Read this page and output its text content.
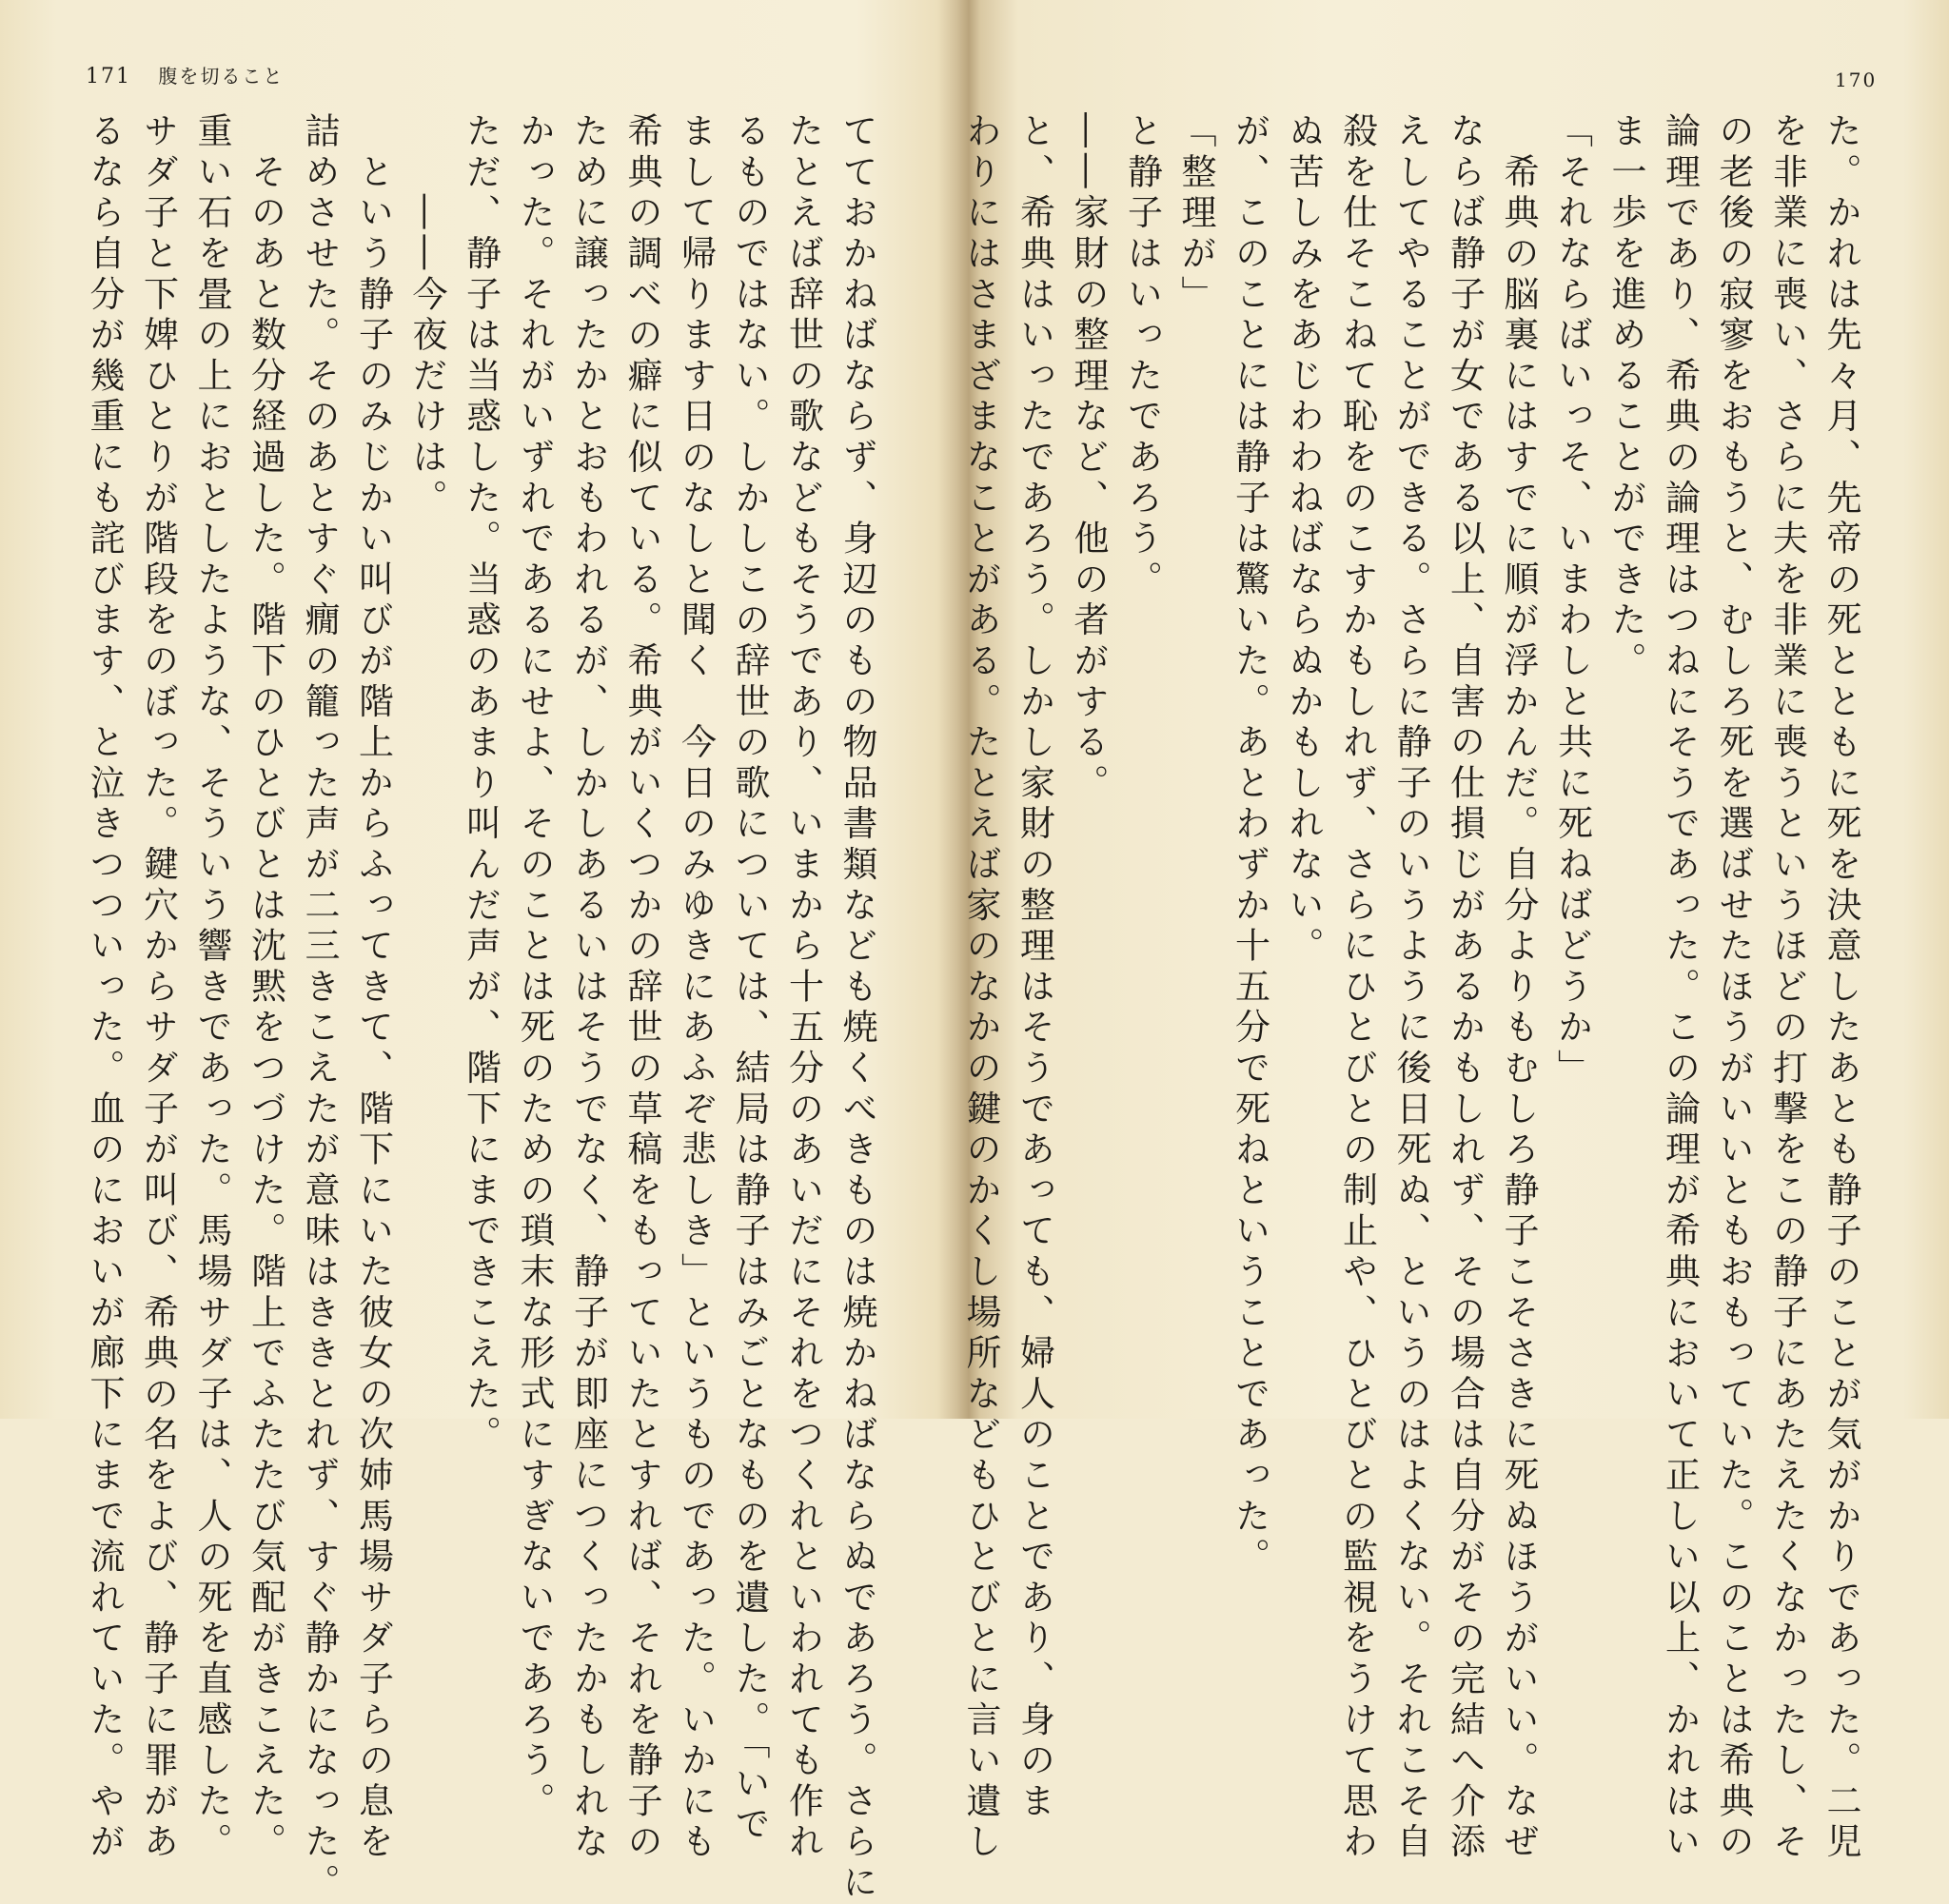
171 腹を切ること	170
てておかねばならず、身辺のもの物品書類なども焼くべきものは焼かねばならぬであろう。さらに
たとえば辞世の歌などもそうであり、いまから十五分のあいだにそれをつくれといわれても作れ
るものではない。しかしこの辞世の歌については、結局は静子はみごとなものを遺した。「いで
まして帰ります日のなしと聞く　今日のみゆきにあふぞ悲しき」というものであった。いかにも
希典の調べの癖に似ている。希典がいくつかの辞世の草稿をもっていたとすれば、それを静子の
ために譲ったかとおもわれるが、しかしあるいはそうでなく、静子が即座につくったかもしれな
かった。それがいずれであるにせよ、そのことは死のための瑣末な形式にすぎないであろう。
ただ、静子は当惑した。当惑のあまり叫んだ声が、階下にまできこえた。
　　――今夜だけは。
　という静子のみじかい叫びが階上からふってきて、階下にいた彼女の次姉馬場サダ子らの息を
詰めさせた。そのあとすぐ癇の籠った声が二三きこえたが意味はききとれず、すぐ静かになった。
　そのあと数分経過した。階下のひとびとは沈黙をつづけた。階上でふたたび気配がきこえた。
重い石を畳の上におとしたような、そういう響きであった。馬場サダ子は、人の死を直感した。
サダ子と下婢ひとりが階段をのぼった。鍵穴からサダ子が叫び、希典の名をよび、静子に罪があ
るなら自分が幾重にも詫びます、と泣きつついった。血のにおいが廊下にまで流れていた。やが	た。かれは先々月、先帝の死とともに死を決意したあとも静子のことが気がかりであった。二児
を非業に喪い、さらに夫を非業に喪うというほどの打撃をこの静子にあたえたくなかったし、そ
の老後の寂寥をおもうと、むしろ死を選ばせたほうがいいともおもっていた。このことは希典の
論理であり、希典の論理はつねにそうであった。この論理が希典において正しい以上、かれはい
ま一歩を進めることができた。
「それならばいっそ、いまわしと共に死ねばどうか」
　希典の脳裏にはすでに順が浮かんだ。自分よりもむしろ静子こそさきに死ぬほうがいい。なぜ
ならば静子が女である以上、自害の仕損じがあるかもしれず、その場合は自分がその完結へ介添
えしてやることができる。さらに静子のいうように後日死ぬ、というのはよくない。それこそ自
殺を仕そこねて恥をのこすかもしれず、さらにひとびとの制止や、ひとびとの監視をうけて思わ
ぬ苦しみをあじわわねばならぬかもしれない。
が、このことには静子は驚いた。あとわずか十五分で死ねということであった。
「整理が」
と静子はいったであろう。
――家財の整理など、他の者がする。
と、希典はいったであろう。しかし家財の整理はそうであっても、婦人のことであり、身のま
わりにはさまざまなことがある。たとえば家のなかの鍵のかくし場所などもひとびとに言い遺し
